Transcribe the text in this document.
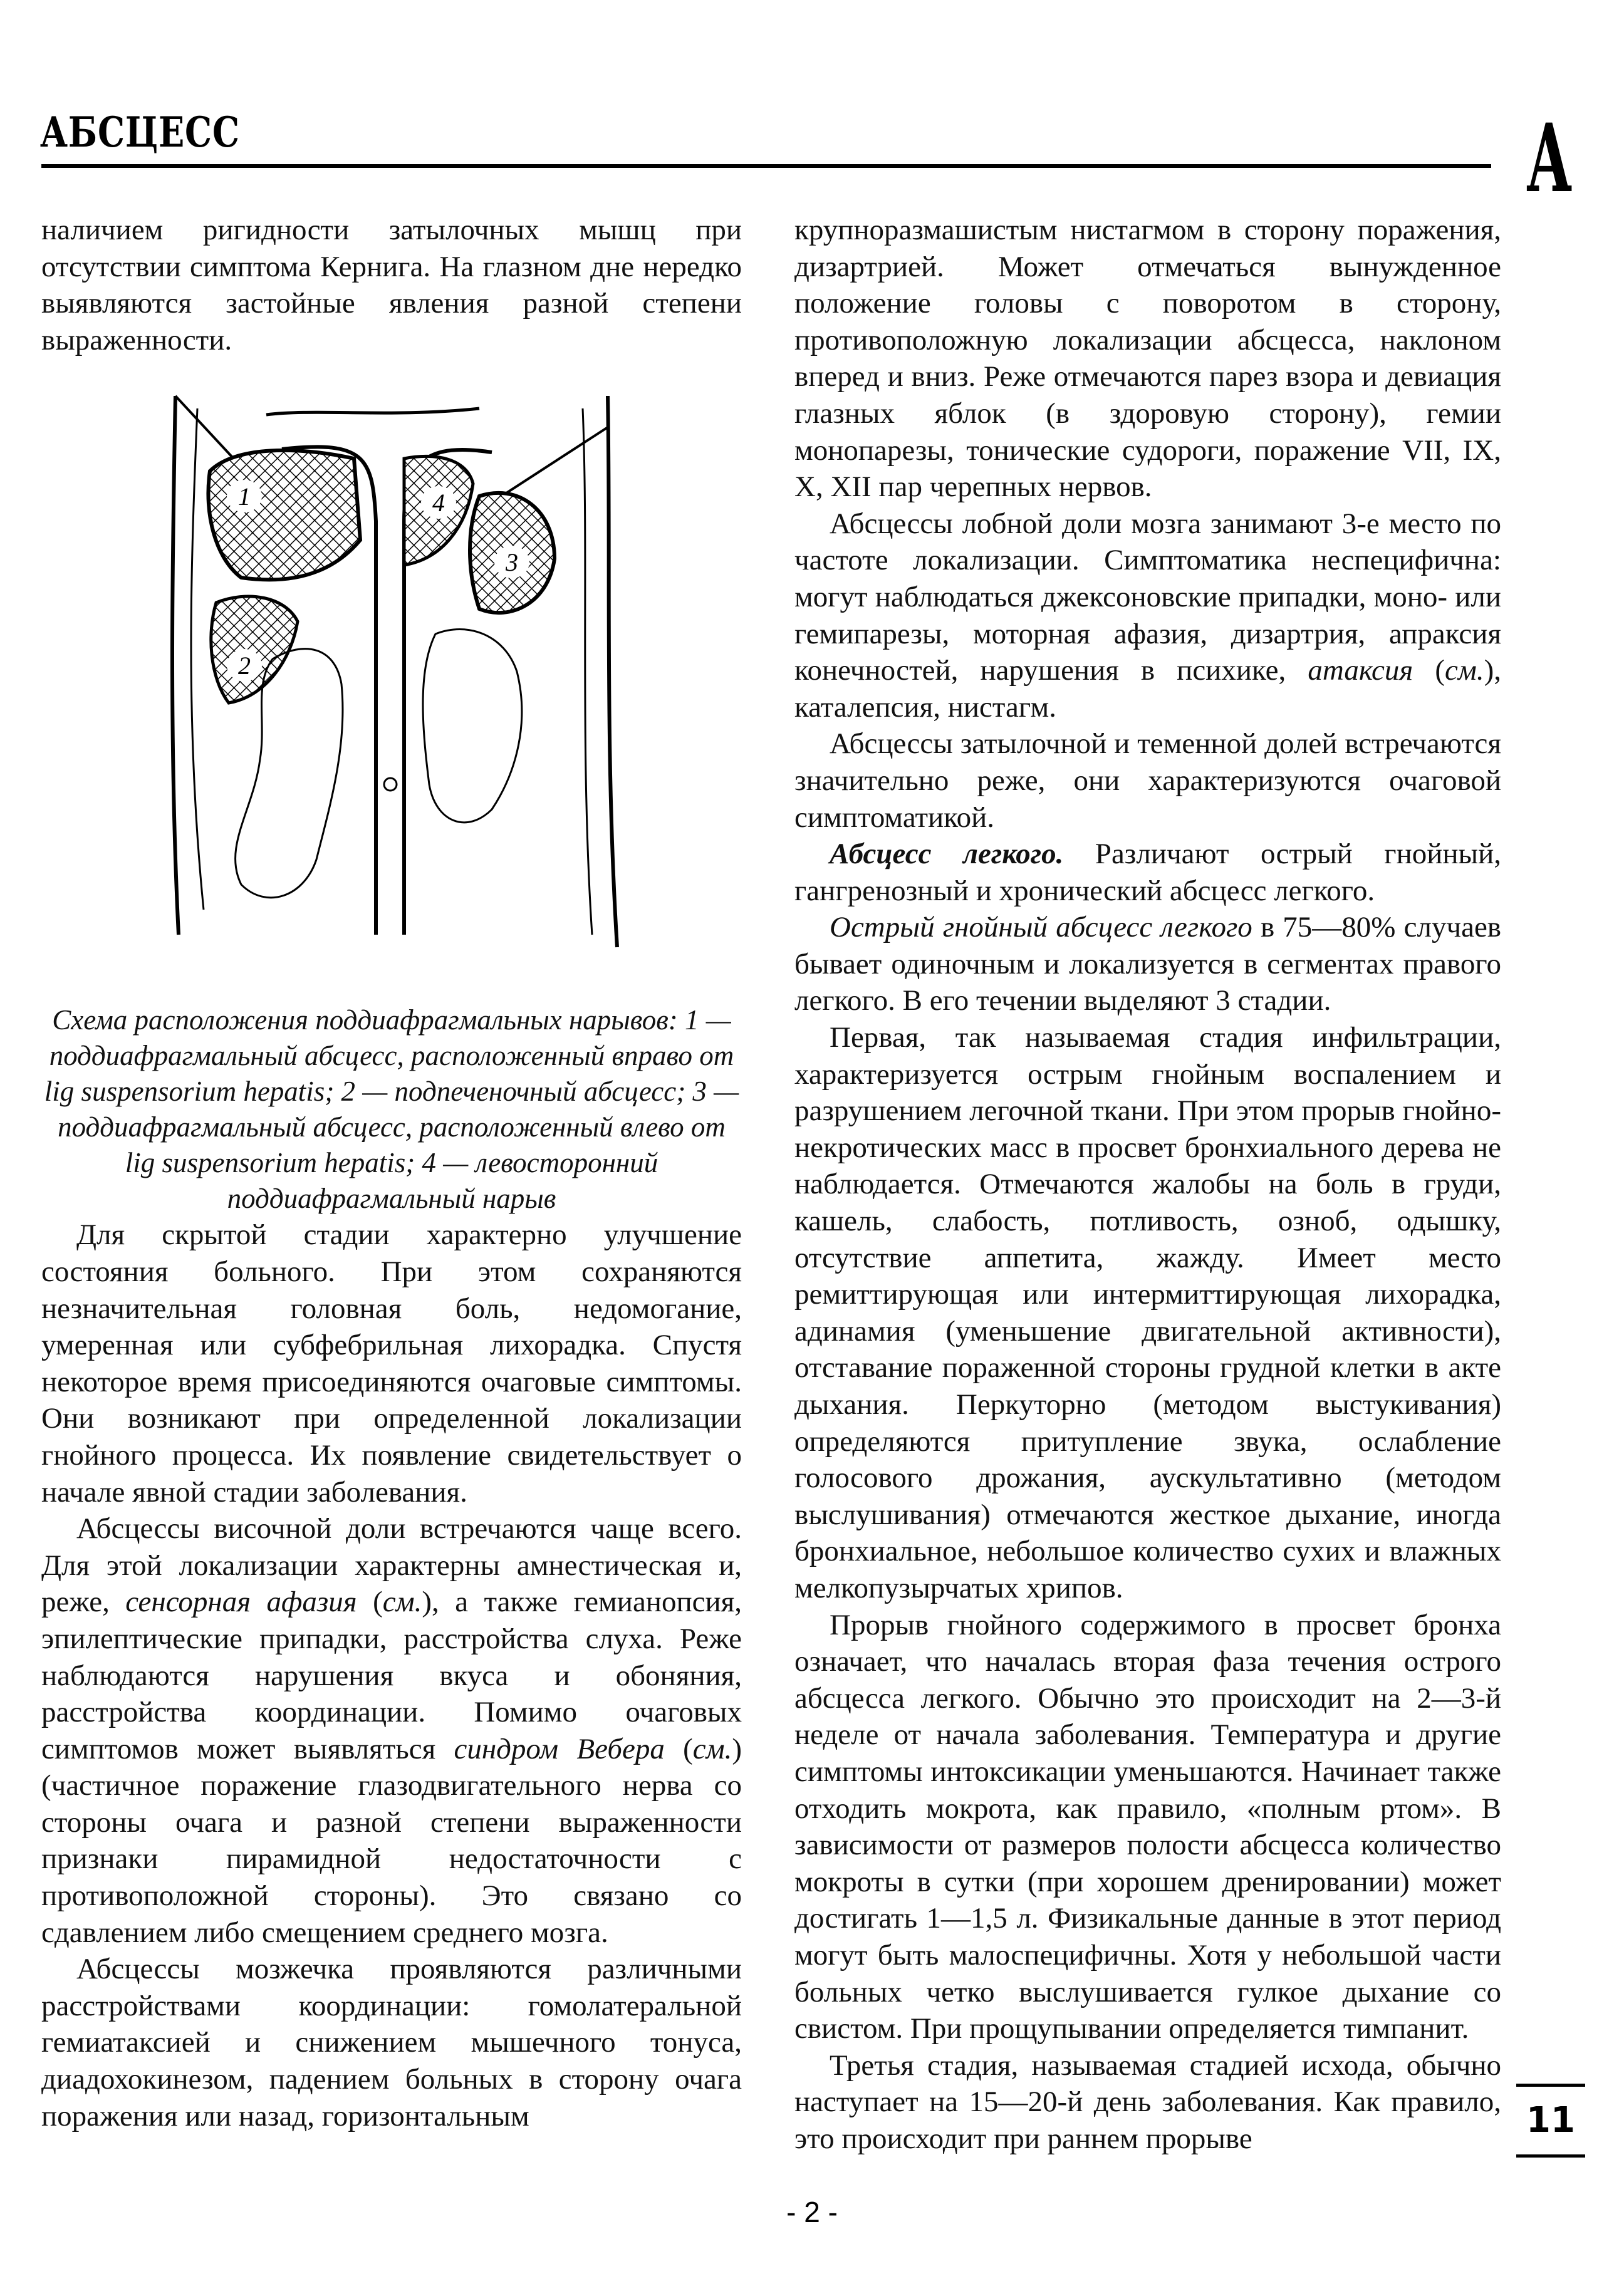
АБСЦЕСС	А

наличием ригидности затылочных мышц при отсутствии симптома Кернига. На глазном дне нередко выявляются застойные явления разной степени выраженности.

1
2
3
4

Схема расположения поддиафрагмальных нарывов: 1 — поддиафрагмальный абсцесс, расположенный вправо от lig suspensorium hepatis; 2 — подпеченочный абсцесс; 3 — поддиафрагмальный абсцесс, расположенный влево от lig suspensorium hepatis; 4 — левосторонний поддиафрагмальный нарыв

Для скрытой стадии характерно улучшение состояния больного. При этом сохраняются незначительная головная боль, недомогание, умеренная или субфебрильная лихорадка. Спустя некоторое время присоединяются очаговые симптомы. Они возникают при определенной локализации гнойного процесса. Их появление свидетельствует о начале явной стадии заболевания.

Абсцессы височной доли встречаются чаще всего. Для этой локализации характерны амнестическая и, реже, сенсорная афазия (см.), а также гемианопсия, эпилептические припадки, расстройства слуха. Реже наблюдаются нарушения вкуса и обоняния, расстройства координации. Помимо очаговых симптомов может выявляться синдром Вебера (см.) (частичное поражение глазодвигательного нерва со стороны очага и разной степени выраженности признаки пирамидной недостаточности с противоположной стороны). Это связано со сдавлением либо смещением среднего мозга.

Абсцессы мозжечка проявляются различными расстройствами координации: гомолатеральной гемиатаксией и снижением мышечного тонуса, диадохокинезом, падением больных в сторону очага поражения или назад, горизонтальным

крупноразмашистым нистагмом в сторону поражения, дизартрией. Может отмечаться вынужденное положение головы с поворотом в сторону, противоположную локализации абсцесса, наклоном вперед и вниз. Реже отмечаются парез взора и девиация глазных яблок (в здоровую сторону), гемии монопарезы, тонические судороги, поражение VII, IX, X, XII пар черепных нервов.

Абсцессы лобной доли мозга занимают 3-е место по частоте локализации. Симптоматика неспецифична: могут наблюдаться джексоновские припадки, моно- или гемипарезы, моторная афазия, дизартрия, апраксия конечностей, нарушения в психике, атаксия (см.), каталепсия, нистагм.

Абсцессы затылочной и теменной долей встречаются значительно реже, они характеризуются очаговой симптоматикой.

Абсцесс легкого. Различают острый гнойный, гангренозный и хронический абсцесс легкого.

Острый гнойный абсцесс легкого в 75—80% случаев бывает одиночным и локализуется в сегментах правого легкого. В его течении выделяют 3 стадии.

Первая, так называемая стадия инфильтрации, характеризуется острым гнойным воспалением и разрушением легочной ткани. При этом прорыв гнойно-некротических масс в просвет бронхиального дерева не наблюдается. Отмечаются жалобы на боль в груди, кашель, слабость, потливость, озноб, одышку, отсутствие аппетита, жажду. Имеет место ремиттирующая или интермиттирующая лихорадка, адинамия (уменьшение двигательной активности), отставание пораженной стороны грудной клетки в акте дыхания. Перкуторно (методом выстукивания) определяются притупление звука, ослабление голосового дрожания, аускультативно (методом выслушивания) отмечаются жесткое дыхание, иногда бронхиальное, небольшое количество сухих и влажных мелкопузырчатых хрипов.

Прорыв гнойного содержимого в просвет бронха означает, что началась вторая фаза течения острого абсцесса легкого. Обычно это происходит на 2—3-й неделе от начала заболевания. Температура и другие симптомы интоксикации уменьшаются. Начинает также отходить мокрота, как правило, «полным ртом». В зависимости от размеров полости абсцесса количество мокроты в сутки (при хорошем дренировании) может достигать 1—1,5 л. Физикальные данные в этот период могут быть малоспецифичны. Хотя у небольшой части больных четко выслушивается гулкое дыхание со свистом. При прощупывании определяется тимпанит.

Третья стадия, называемая стадией исхода, обычно наступает на 15—20-й день заболевания. Как правило, это происходит при раннем прорыве	11
- 2 -
